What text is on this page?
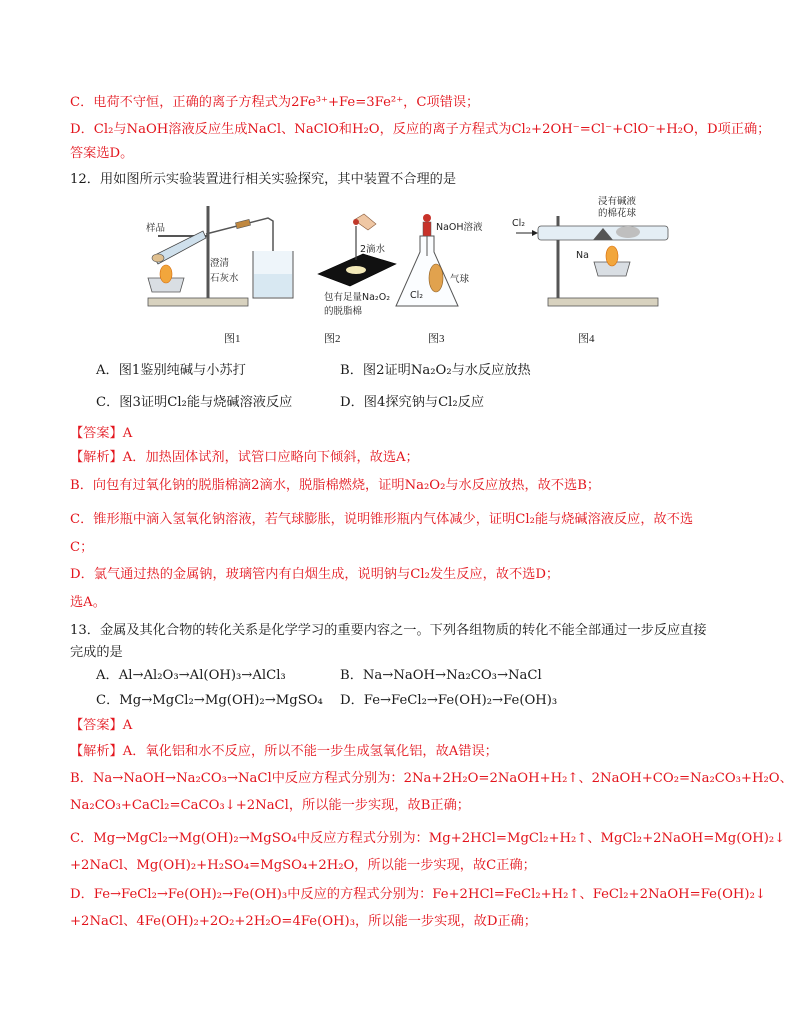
C．电荷不守恒，正确的离子方程式为2Fe³⁺+Fe=3Fe²⁺，C项错误；
D．Cl₂与NaOH溶液反应生成NaCl、NaClO和H₂O，反应的离子方程式为Cl₂+2OH⁻=Cl⁻+ClO⁻+H₂O，D项正确；
答案选D。
12．用如图所示实验装置进行相关实验探究，其中装置不合理的是
样品
澄清
石灰水
2滴水
包有足量Na₂O₂
的脱脂棉
NaOH溶液
气球
Cl₂
浸有碱液
的棉花球
Cl₂
Na
图1	图2	图3	图4
A．图1鉴别纯碱与小苏打	B．图2证明Na₂O₂与水反应放热
C．图3证明Cl₂能与烧碱溶液反应	D．图4探究钠与Cl₂反应
【答案】A
【解析】A．加热固体试剂，试管口应略向下倾斜，故选A；
B．向包有过氧化钠的脱脂棉滴2滴水，脱脂棉燃烧，证明Na₂O₂与水反应放热，故不选B；
C．锥形瓶中滴入氢氧化钠溶液，若气球膨胀，说明锥形瓶内气体减少，证明Cl₂能与烧碱溶液反应，故不选
C；
D．氯气通过热的金属钠，玻璃管内有白烟生成，说明钠与Cl₂发生反应，故不选D；
选A。
13．金属及其化合物的转化关系是化学学习的重要内容之一。下列各组物质的转化不能全部通过一步反应直接
完成的是
A．Al→Al₂O₃→Al(OH)₃→AlCl₃	B．Na→NaOH→Na₂CO₃→NaCl
C．Mg→MgCl₂→Mg(OH)₂→MgSO₄ D．Fe→FeCl₂→Fe(OH)₂→Fe(OH)₃
【答案】A
【解析】A．氧化铝和水不反应，所以不能一步生成氢氧化铝，故A错误；
B．Na→NaOH→Na₂CO₃→NaCl中反应方程式分别为：2Na+2H₂O=2NaOH+H₂↑、2NaOH+CO₂=Na₂CO₃+H₂O、
Na₂CO₃+CaCl₂=CaCO₃↓+2NaCl，所以能一步实现，故B正确；
C．Mg→MgCl₂→Mg(OH)₂→MgSO₄中反应方程式分别为：Mg+2HCl=MgCl₂+H₂↑、MgCl₂+2NaOH=Mg(OH)₂↓
+2NaCl、Mg(OH)₂+H₂SO₄=MgSO₄+2H₂O，所以能一步实现，故C正确；
D．Fe→FeCl₂→Fe(OH)₂→Fe(OH)₃中反应的方程式分别为：Fe+2HCl=FeCl₂+H₂↑、FeCl₂+2NaOH=Fe(OH)₂↓
+2NaCl、4Fe(OH)₂+2O₂+2H₂O=4Fe(OH)₃，所以能一步实现，故D正确；
